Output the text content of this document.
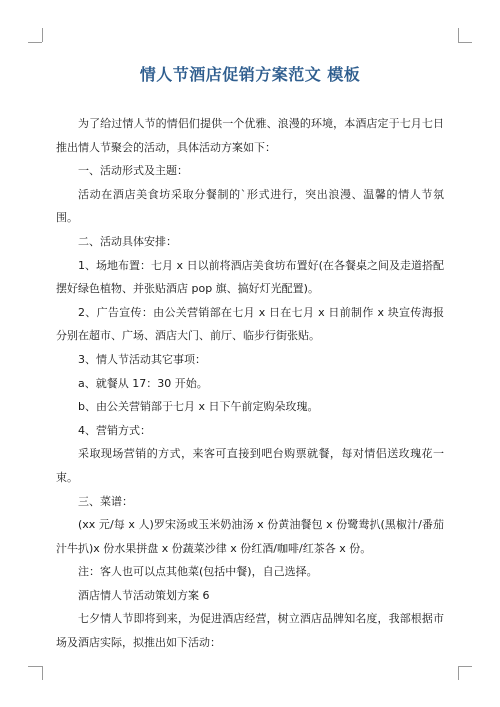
情人节酒店促销方案范文 模板

为了给过情人节的情侣们提供一个优雅、浪漫的环境，本酒店定于七月七日推出情人节聚会的活动，具体活动方案如下：

一、活动形式及主题：

活动在酒店美食坊采取分餐制的`形式进行，突出浪漫、温馨的情人节氛围。

二、活动具体安排：

1、场地布置：七月 x 日以前将酒店美食坊布置好(在各餐桌之间及走道搭配摆好绿色植物、并张贴酒店 pop 旗、搞好灯光配置)。

2、广告宣传：由公关营销部在七月 x 日在七月 x 日前制作 x 块宣传海报分别在超市、广场、酒店大门、前厅、临步行街张贴。

3、情人节活动其它事项：

a、就餐从 17：30 开始。

b、由公关营销部于七月 x 日下午前定购朵玫瑰。

4、营销方式：

采取现场营销的方式，来客可直接到吧台购票就餐，每对情侣送玫瑰花一束。

三、菜谱：

(xx 元/每 x 人)罗宋汤或玉米奶油汤 x 份黄油餐包 x 份鹭鸯扒(黑椒汁/番茄汁牛扒)x 份水果拼盘 x 份蔬菜沙律 x 份红酒/咖啡/红茶各 x 份。

注：客人也可以点其他菜(包括中餐)，自己选择。

酒店情人节活动策划方案 6

七夕情人节即将到来，为促进酒店经营，树立酒店品牌知名度，我部根据市场及酒店实际，拟推出如下活动：
